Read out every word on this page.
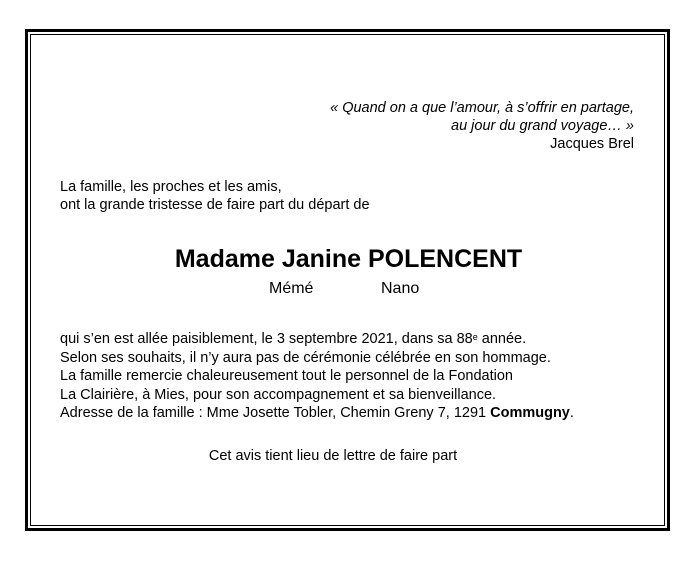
« Quand on a que l’amour, à s’offrir en partage,
au jour du grand voyage… »
Jacques Brel
La famille, les proches et les amis,
ont la grande tristesse de faire part du départ de
Madame Janine POLENCENT
Mémé	Nano
qui s’en est allée paisiblement, le 3 septembre 2021, dans sa 88e année.
Selon ses souhaits, il n’y aura pas de cérémonie célébrée en son hommage.
La famille remercie chaleureusement tout le personnel de la Fondation
La Clairière, à Mies, pour son accompagnement et sa bienveillance.
Adresse de la famille : Mme Josette Tobler, Chemin Greny 7, 1291 Commugny.
Cet avis tient lieu de lettre de faire part
